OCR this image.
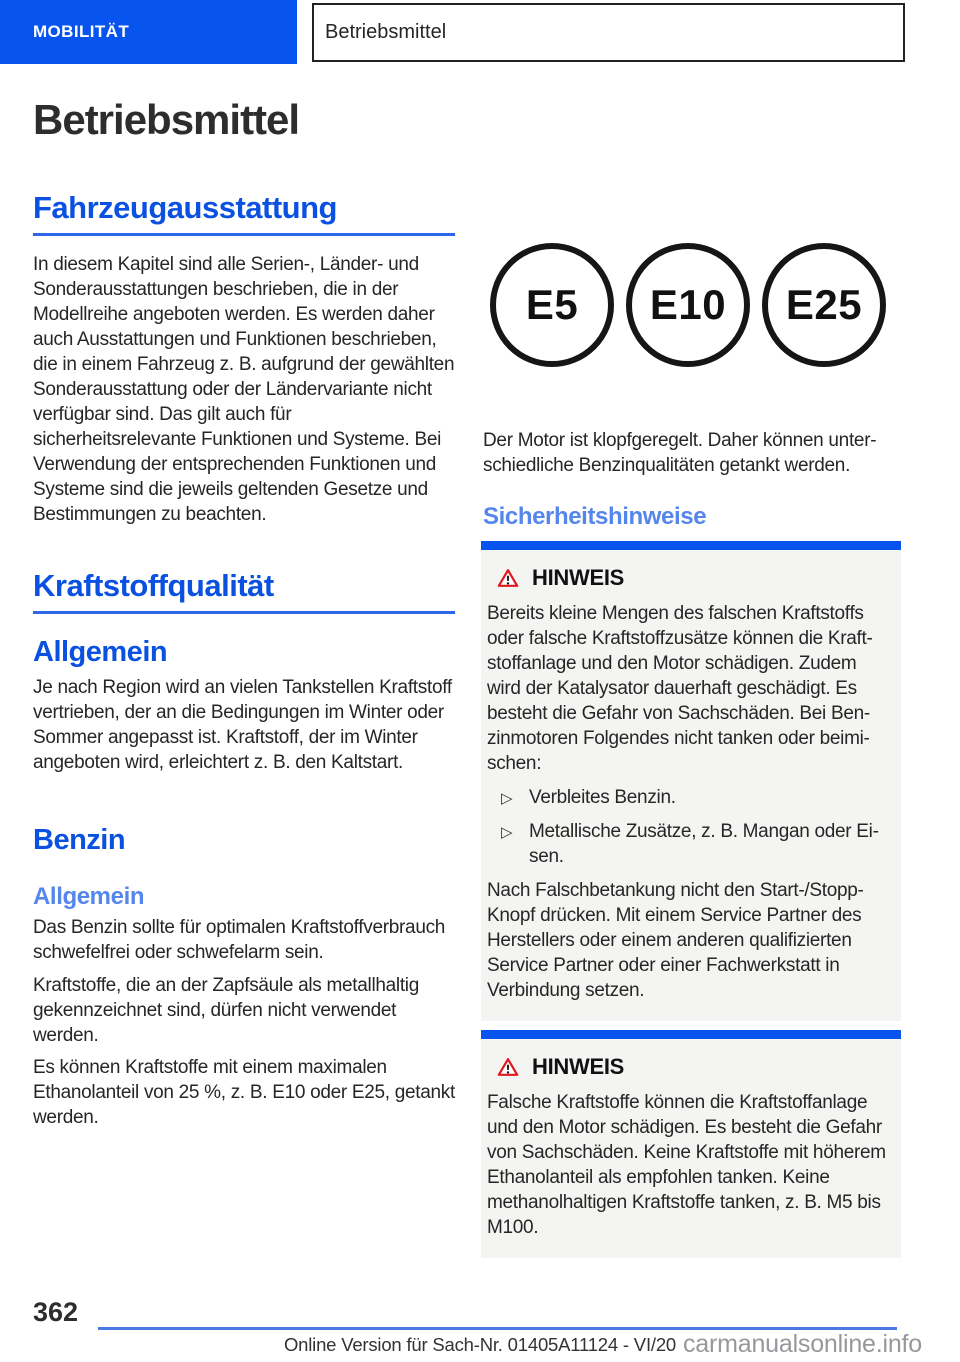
MOBILITÄT	Betriebsmittel
Betriebsmittel
Fahrzeugausstattung

In diesem Kapitel sind alle Serien-, Länder- und Sonderausstattungen beschrieben, die in der Modellreihe angeboten werden. Es werden daher auch Ausstattungen und Funktionen beschrieben, die in einem Fahrzeug z. B. aufgrund der gewählten Sonderausstattung oder der Ländervariante nicht verfügbar sind. Das gilt auch für sicherheitsrelevante Funktionen und Systeme. Bei Verwendung der entsprechenden Funktionen und Systeme sind die jeweils geltenden Gesetze und Bestimmungen zu beachten.

Kraftstoffqualität
Allgemein

Je nach Region wird an vielen Tankstellen Kraftstoff vertrieben, der an die Bedingungen im Winter oder Sommer angepasst ist. Kraftstoff, der im Winter angeboten wird, erleichtert z. B. den Kaltstart.

Benzin
Allgemein

Das Benzin sollte für optimalen Kraftstoffverbrauch schwefelfrei oder schwefelarm sein.

Kraftstoffe, die an der Zapfsäule als metallhaltig gekennzeichnet sind, dürfen nicht verwendet werden.

Es können Kraftstoffe mit einem maximalen Ethanolanteil von 25 %, z. B. E10 oder E25, getankt werden.

E5 E10 E25

Der Motor ist klopfgeregelt. Daher können unterschiedliche Benzinqualitäten getankt werden.

Sicherheitshinweise
HINWEIS

Bereits kleine Mengen des falschen Kraftstoffs oder falsche Kraftstoffzusätze können die Kraftstoffanlage und den Motor schädigen. Zudem wird der Katalysator dauerhaft geschädigt. Es besteht die Gefahr von Sachschäden. Bei Benzinmotoren Folgendes nicht tanken oder beimischen:

▷ Verbleites Benzin.
▷ Metallische Zusätze, z. B. Mangan oder Eisen.

Nach Falschbetankung nicht den Start-/Stopp-Knopf drücken. Mit einem Service Partner des Herstellers oder einem anderen qualifizierten Service Partner oder einer Fachwerkstatt in Verbindung setzen.

HINWEIS

Falsche Kraftstoffe können die Kraftstoffanlage und den Motor schädigen. Es besteht die Gefahr von Sachschäden. Keine Kraftstoffe mit höherem Ethanolanteil als empfohlen tanken. Keine methanolhaltigen Kraftstoffe tanken, z. B. M5 bis M100.

362
Online Version für Sach-Nr. 01405A11124 - VI/20 carmanualsonline.info
